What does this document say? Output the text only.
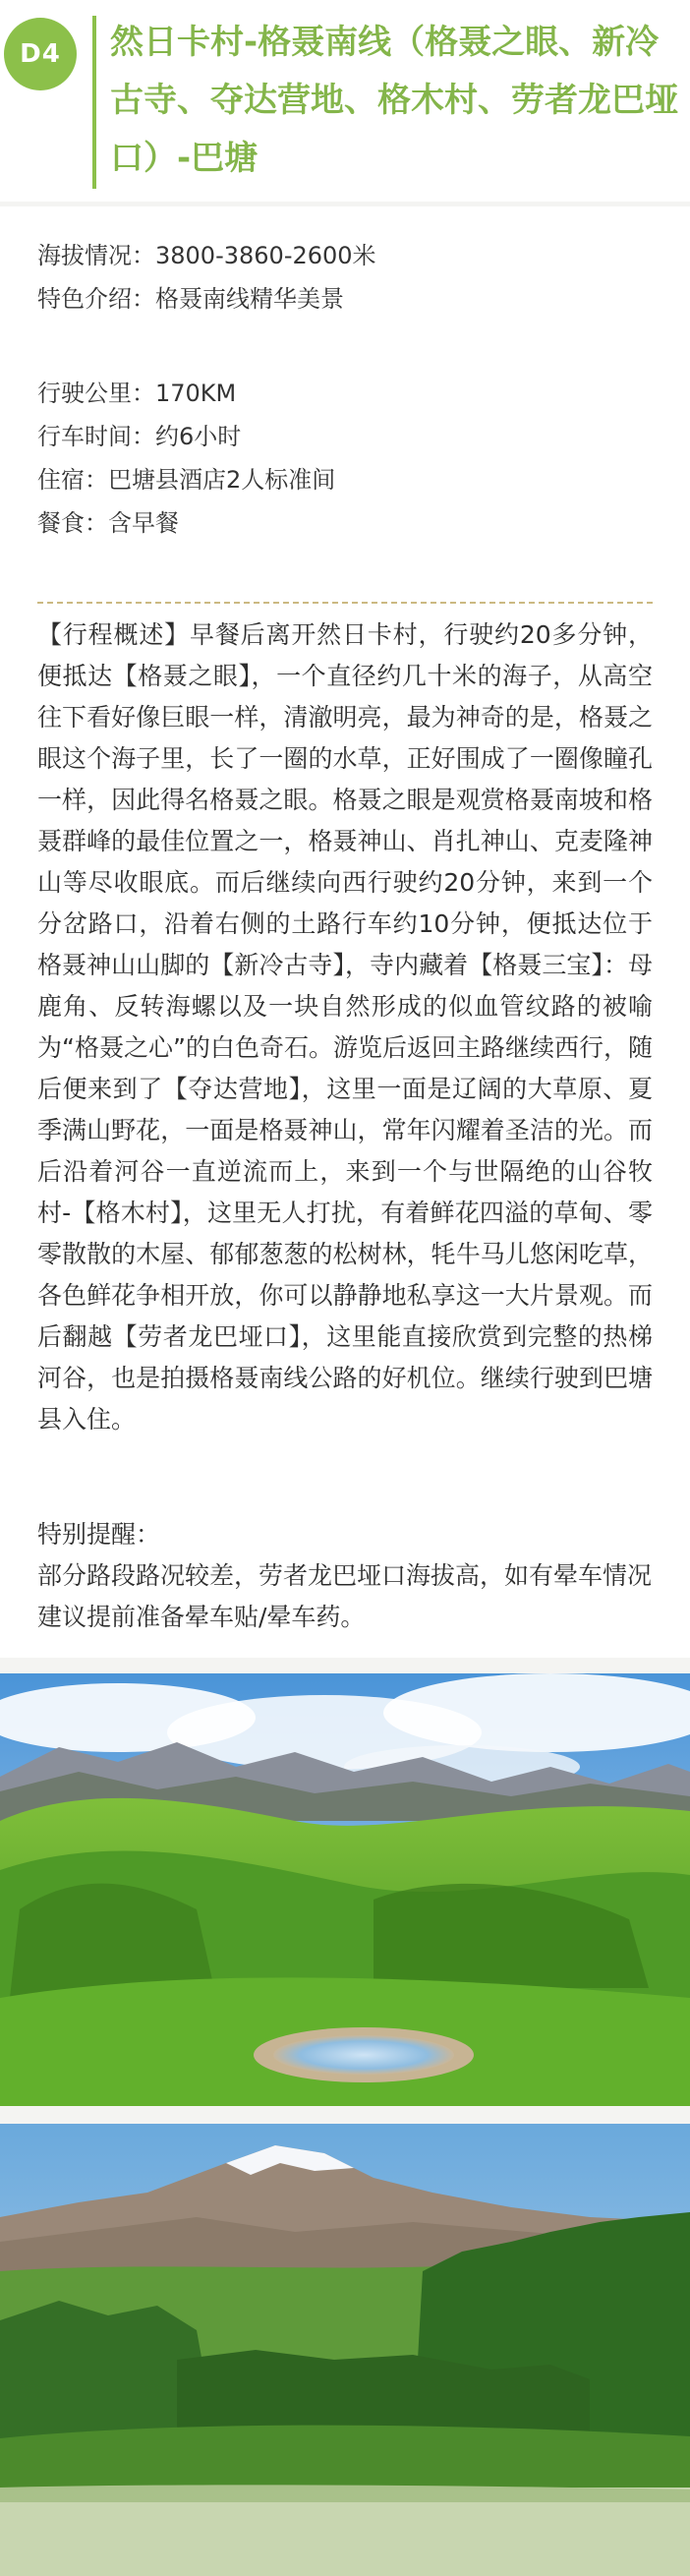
D4	然日卡村-格聂南线（格聂之眼、新冷古寺、夺达营地、格木村、劳者龙巴垭口）-巴塘
海拔情况：3800-3860-2600米
特色介绍：格聂南线精华美景
行驶公里：170KM
行车时间：约6小时
住宿：巴塘县酒店2人标准间
餐食：含早餐

【行程概述】早餐后离开然日卡村，行驶约20多分钟，便抵达【格聂之眼】，一个直径约几十米的海子，从高空往下看好像巨眼一样，清澈明亮，最为神奇的是，格聂之眼这个海子里，长了一圈的水草，正好围成了一圈像瞳孔一样，因此得名格聂之眼。格聂之眼是观赏格聂南坡和格聂群峰的最佳位置之一，格聂神山、肖扎神山、克麦隆神山等尽收眼底。而后继续向西行驶约20分钟，来到一个分岔路口，沿着右侧的土路行车约10分钟，便抵达位于格聂神山山脚的【新冷古寺】，寺内藏着【格聂三宝】：母鹿角、反转海螺以及一块自然形成的似血管纹路的被喻为“格聂之心”的白色奇石。游览后返回主路继续西行，随后便来到了【夺达营地】，这里一面是辽阔的大草原、夏季满山野花，一面是格聂神山，常年闪耀着圣洁的光。而后沿着河谷一直逆流而上，来到一个与世隔绝的山谷牧村-【格木村】，这里无人打扰，有着鲜花四溢的草甸、零零散散的木屋、郁郁葱葱的松树林，牦牛马儿悠闲吃草，各色鲜花争相开放，你可以静静地私享这一大片景观。而后翻越【劳者龙巴垭口】，这里能直接欣赏到完整的热梯河谷，也是拍摄格聂南线公路的好机位。继续行驶到巴塘县入住。

特别提醒：

部分路段路况较差，劳者龙巴垭口海拔高，如有晕车情况建议提前准备晕车贴/晕车药。
